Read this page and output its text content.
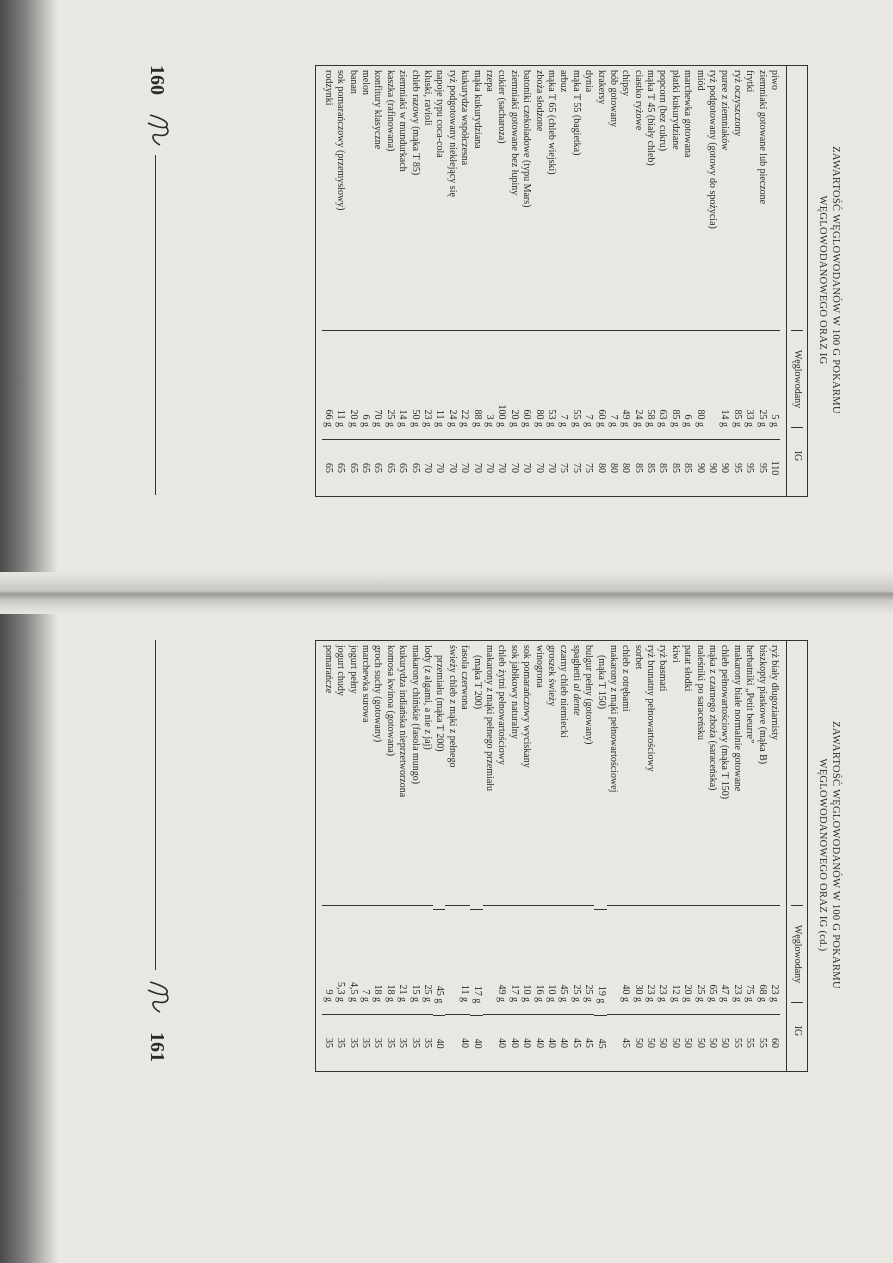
ZAWARTOŚĆ WĘGLOWODANÓW W 100 G POKARMU
WĘGLOWODANOWEGO ORAZ IG
Węglowodany
IG
piwo
5 g
110
ziemniaki gotowane lub pieczone
25 g
95
frytki
33 g
95
ryż oczyszczony
85 g
95
puree z ziemniaków
14 g
90
ryż podgotowany (gotowy do spożycia)
90
miód
80 g
90
marchewka gotowana
6 g
85
płatki kukurydziane
85 g
85
popcorn (bez cukru)
63 g
85
mąka T 45 (biały chleb)
58 g
85
ciastko ryżowe
24 g
85
chipsy
49 g
80
bób gotowany
7 g
80
krakersy
60 g
80
dynia
7 g
75
mąka T 55 (bagietka)
55 g
75
arbuz
7 g
75
mąka T 65 (chleb wiejski)
53 g
70
zboża słodzone
80 g
70
batoniki czekoladowe (typu Mars)
60 g
70
ziemniaki gotowane bez łupiny
20 g
70
cukier (sacharoza)
100 g
70
rzepa
3 g
70
mąka kukurydziana
88 g
70
kukurydza współczesna
22 g
70
ryż podgotowany niekłejący się
24 g
70
napoje typu coca-cola
11 g
70
kluski, ravioli
23 g
70
chleb razowy (mąka T 85)
50 g
65
ziemniaki w mundurkach
14 g
65
kaszka (rafinowana)
25 g
65
konfitury klasyczne
70 g
65
melon
6 g
65
banan
20 g
65
sok pomarańczowy (przemysłowy)
11 g
65
rodzynki
66 g
65
160
ZAWARTOŚĆ WĘGLOWODANÓW W 100 G POKARMU
WĘGLOWODANOWEGO ORAZ IG (cd.)
Węglowodany
IG
ryż biały długoziarnisty
23 g
60
biszkopty piaskowe (mąka B)
68 g
55
herbatniki „Petit beurre”
75 g
55
makarony białe normalnie gotowane
23 g
55
chleb pełnowartościowy (mąka T 150)
47 g
50
mąka z czarnego zboża (saraceńska)
65 g
50
naleśniki po saraceńsku
25 g
50
patat słodki
20 g
50
kiwi
12 g
50
ryż basmati
23 g
50
ryż brunatny pełnowartościowy
23 g
50
sorbet
30 g
50
chleb z otrębami
40 g
45
makarony z mąki pełnowartościowej
(mąka T 150)
19 g
45
bulgur pełny (gotowany)
25 g
45
spaghetti al dente
25 g
45
czarny chleb niemiecki
45 g
40
groszek świeży
10 g
40
winogrona
16 g
40
sok pomarańczowy wyciskany
10 g
40
sok jabłkowy naturalny
17 g
40
chleb żytni pełnowartościowy
49 g
40
makarony z mąki pełnego przemiału
(mąka T 200)
17 g
40
fasola czerwona
11 g
40
świeży chleb z mąki z pełnego
przemiału (mąka T 200)
45 g
40
lody (z algami, a nie z jaj)
25 g
35
makarony chińskie (fasola mungo)
15 g
35
kukurydza indiańska nieprzetworzona
21 g
35
komosa kwinoa (gotowana)
18 g
35
groch suchy (gotowany)
18 g
35
marchewka surowa
7 g
35
jogurt pełny
4,5 g
35
jogurt chudy
5,3 g
35
pomarańcze
9 g
35
161
